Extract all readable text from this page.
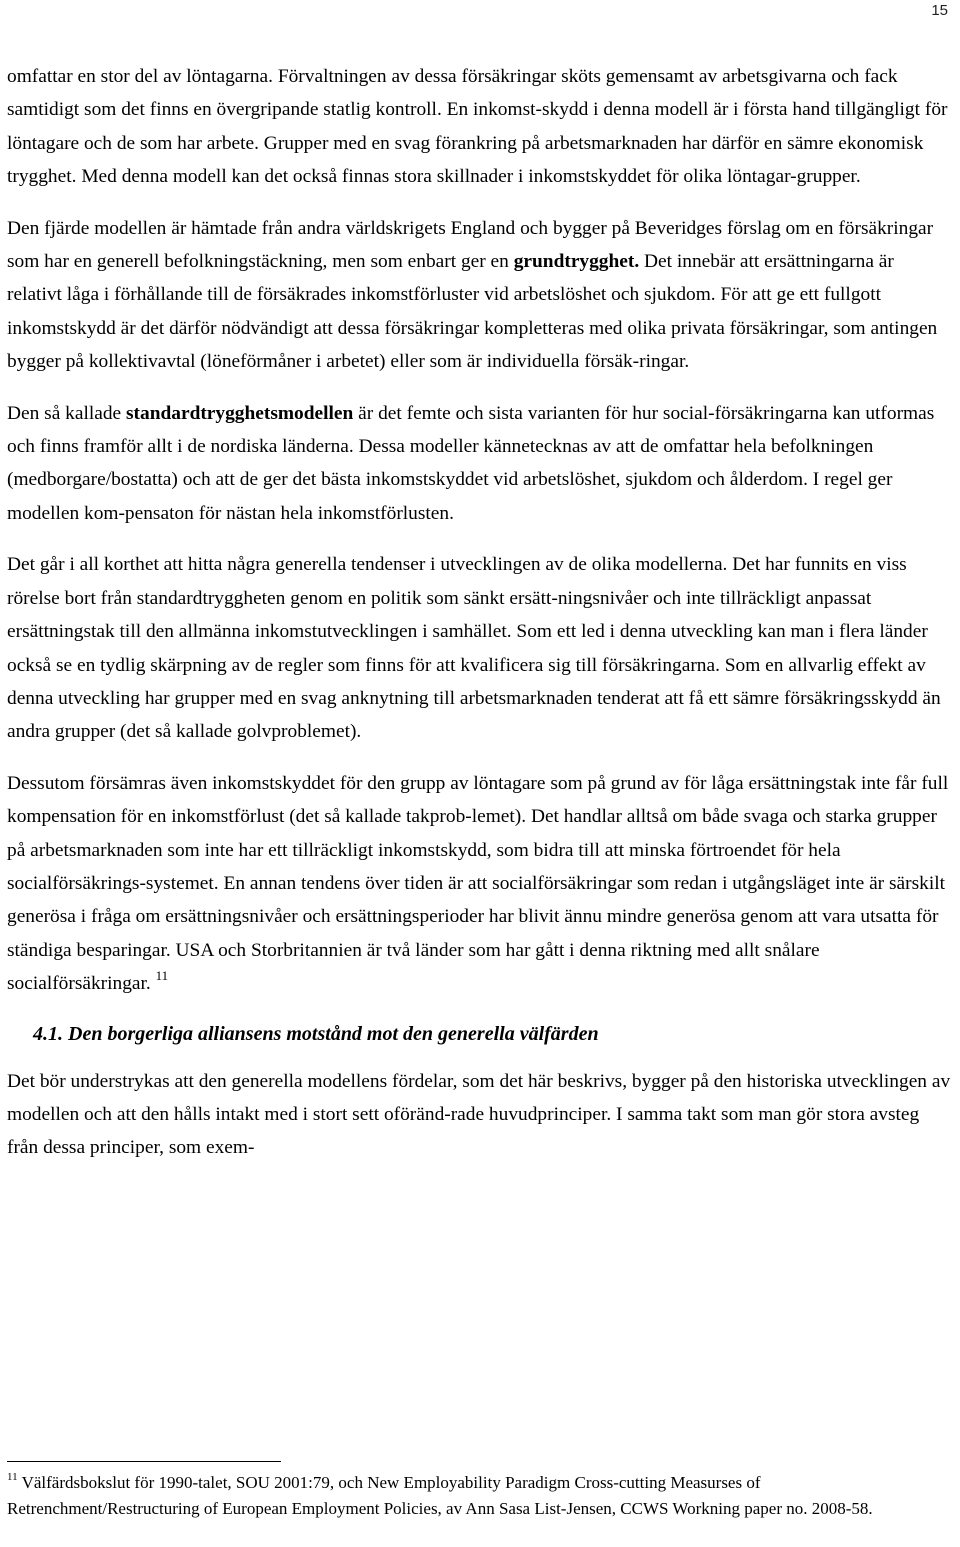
15

omfattar en stor del av löntagarna. Förvaltningen av dessa försäkringar sköts gemensamt av arbetsgivarna och fack samtidigt som det finns en övergripande statlig kontroll. En inkomst-skydd i denna modell är i första hand tillgängligt för löntagare och de som har arbete. Grupper med en svag förankring på arbetsmarknaden har därför en sämre ekonomisk trygghet. Med denna modell kan det också finnas stora skillnader i inkomstskyddet för olika löntagar-grupper.

Den fjärde modellen är hämtade från andra världskrigets England och bygger på Beveridges förslag om en försäkringar som har en generell befolkningstäckning, men som enbart ger en grundtrygghet. Det innebär att ersättningarna är relativt låga i förhållande till de försäkrades inkomstförluster vid arbetslöshet och sjukdom. För att ge ett fullgott inkomstskydd är det därför nödvändigt att dessa försäkringar kompletteras med olika privata försäkringar, som antingen bygger på kollektivavtal (löneförmåner i arbetet) eller som är individuella försäk-ringar.

Den så kallade standardtrygghetsmodellen är det femte och sista varianten för hur social-försäkringarna kan utformas och finns framför allt i de nordiska länderna. Dessa modeller kännetecknas av att de omfattar hela befolkningen (medborgare/bostatta) och att de ger det bästa inkomstskyddet vid arbetslöshet, sjukdom och ålderdom. I regel ger modellen kom-pensaton för nästan hela inkomstförlusten.

Det går i all korthet att hitta några generella tendenser i utvecklingen av de olika modellerna. Det har funnits en viss rörelse bort från standardtryggheten genom en politik som sänkt ersätt-ningsnivåer och inte tillräckligt anpassat ersättningstak till den allmänna inkomstutvecklingen i samhället. Som ett led i denna utveckling kan man i flera länder också se en tydlig skärpning av de regler som finns för att kvalificera sig till försäkringarna. Som en allvarlig effekt av denna utveckling har grupper med en svag anknytning till arbetsmarknaden tenderat att få ett sämre försäkringsskydd än andra grupper (det så kallade golvproblemet).

Dessutom försämras även inkomstskyddet för den grupp av löntagare som på grund av för låga ersättningstak inte får full kompensation för en inkomstförlust (det så kallade takprob-lemet). Det handlar alltså om både svaga och starka grupper på arbetsmarknaden som inte har ett tillräckligt inkomstskydd, som bidra till att minska förtroendet för hela socialförsäkrings-systemet. En annan tendens över tiden är att socialförsäkringar som redan i utgångsläget inte är särskilt generösa i fråga om ersättningsnivåer och ersättningsperioder har blivit ännu mindre generösa genom att vara utsatta för ständiga besparingar. USA och Storbritannien är två länder som har gått i denna riktning med allt snålare socialförsäkringar. $^{11}$

4.1. Den borgerliga alliansens motstånd mot den generella välfärden

Det bör understrykas att den generella modellens fördelar, som det här beskrivs, bygger på den historiska utvecklingen av modellen och att den hålls intakt med i stort sett oföränd-rade huvudprinciper. I samma takt som man gör stora avsteg från dessa principer, som exem-

$^{11}$ Välfärdsbokslut för 1990-talet, SOU 2001:79, och New Employability Paradigm Cross-cutting Measurses of Retrenchment/Restructuring of European Employment Policies, av Ann Sasa List-Jensen, CCWS Workning paper no. 2008-58.
